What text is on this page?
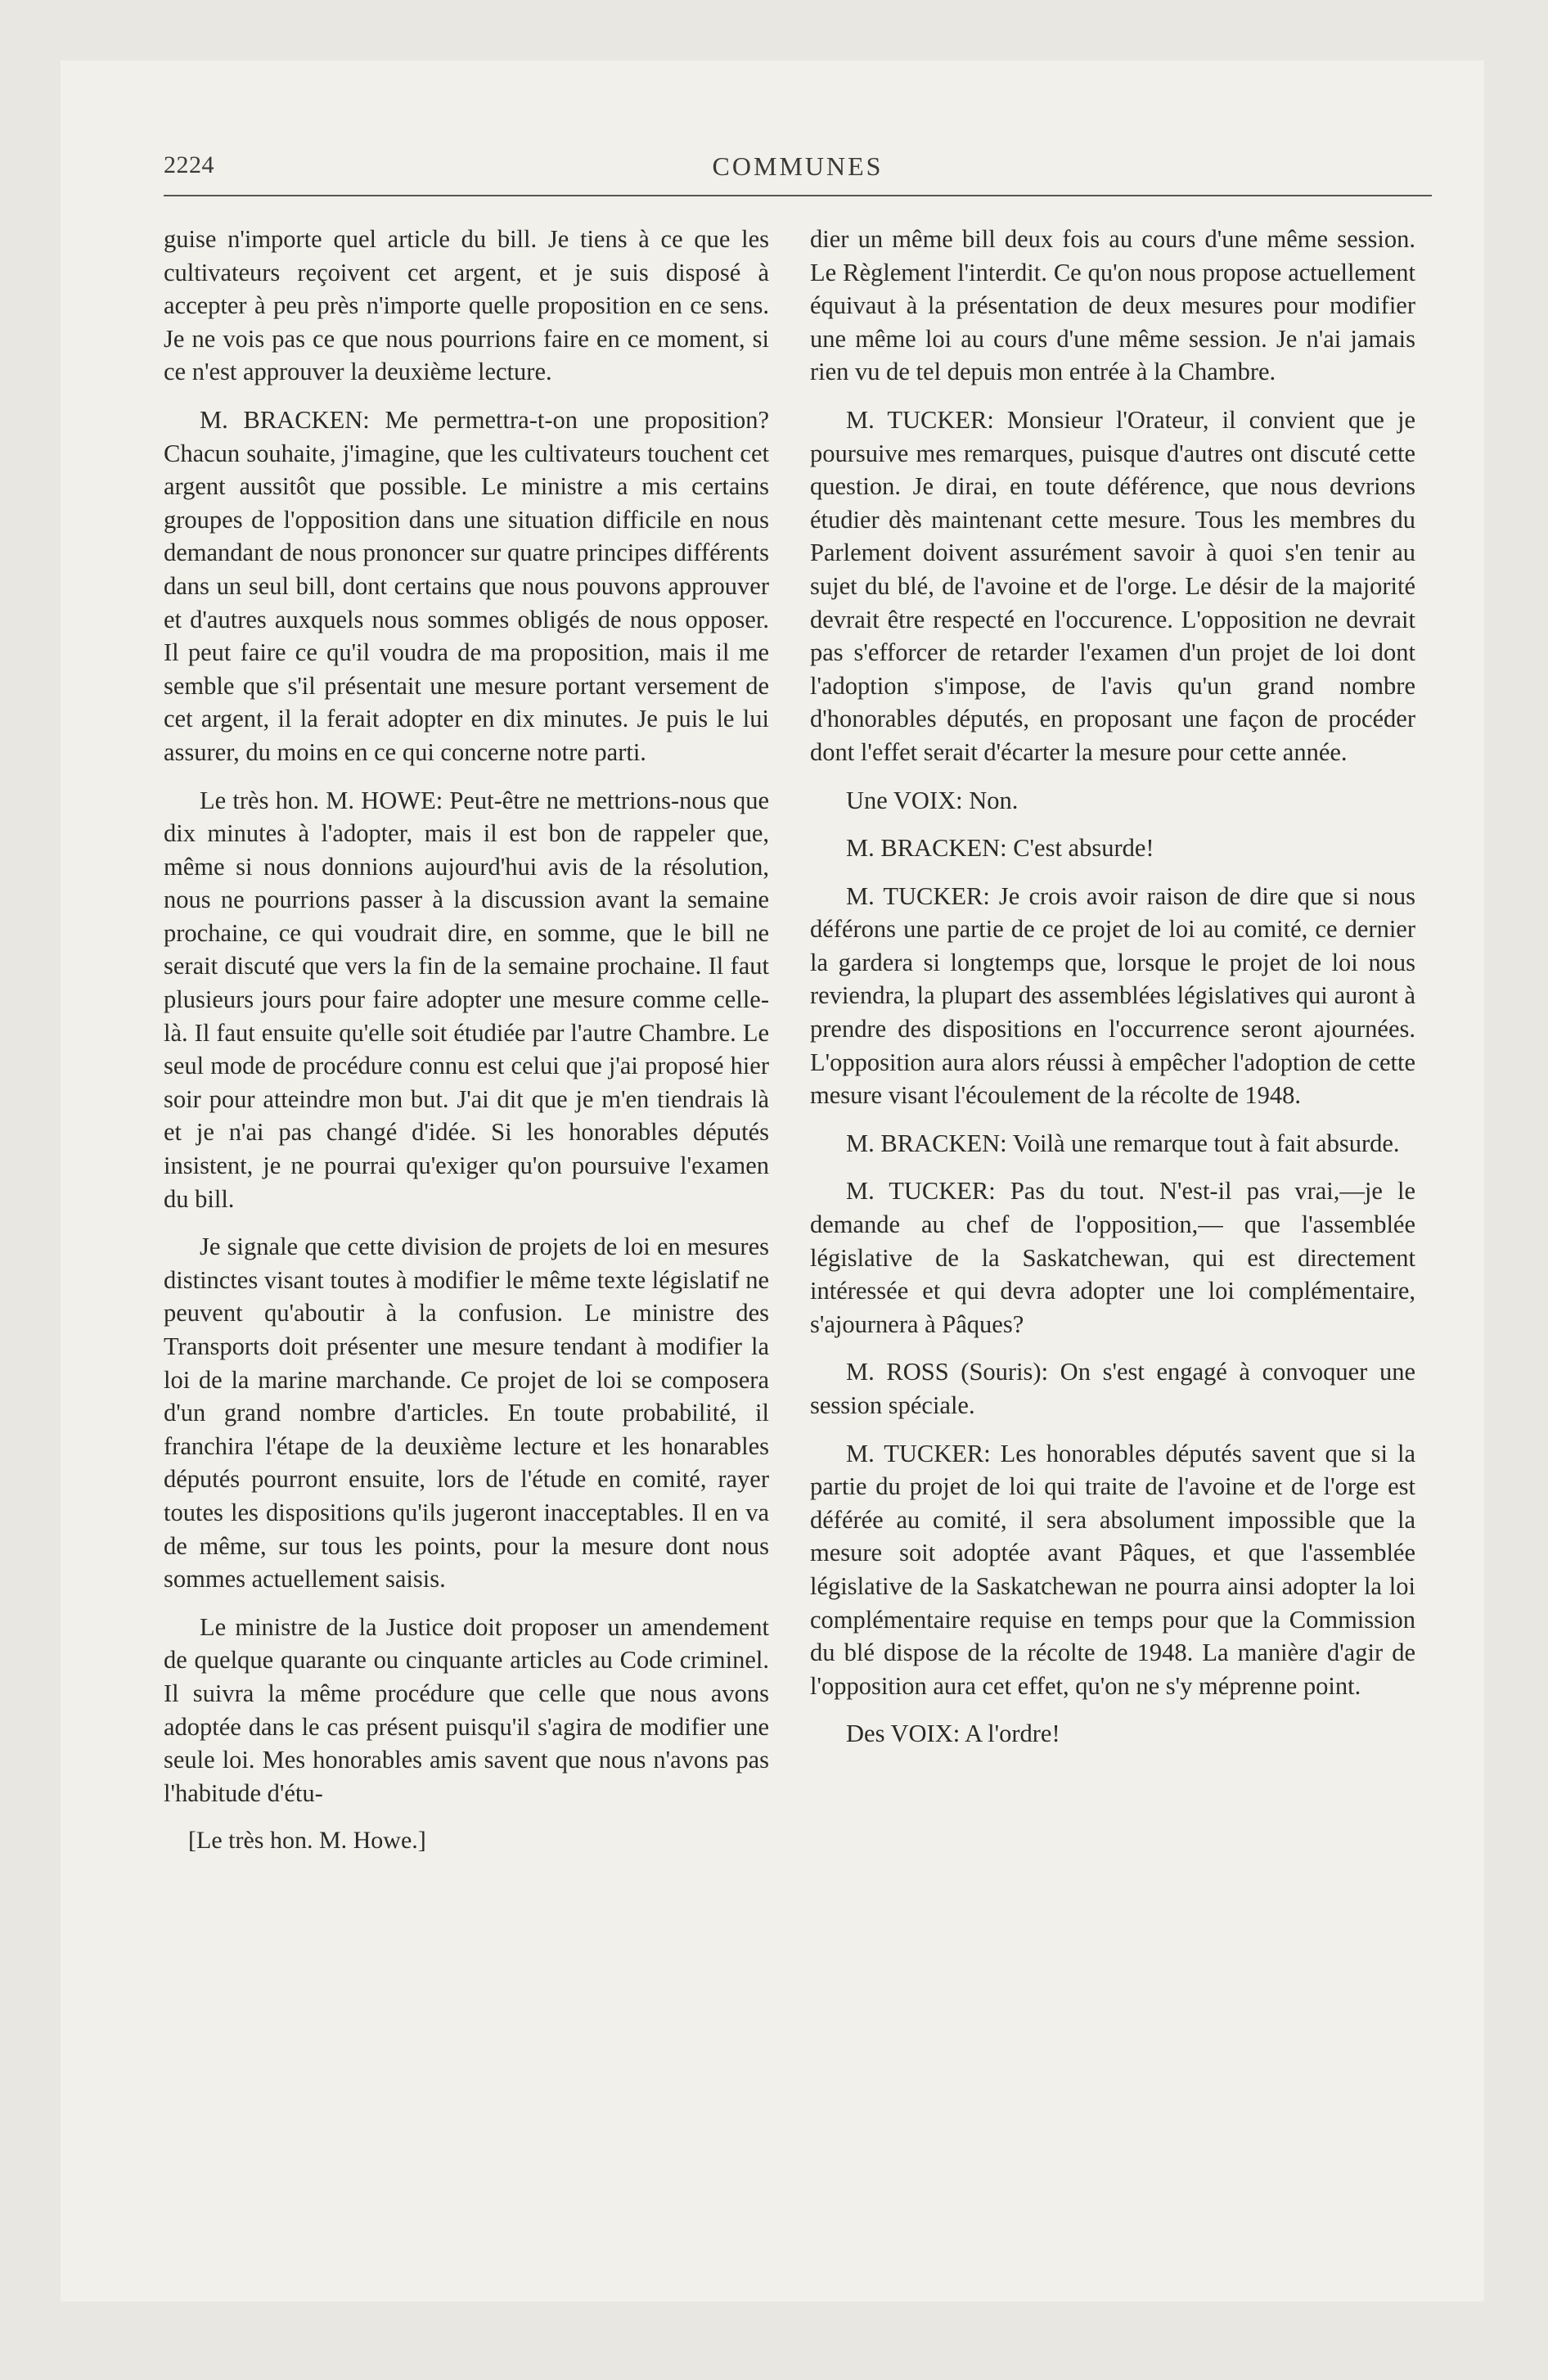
2224	COMMUNES

guise n'importe quel article du bill. Je tiens à ce que les cultivateurs reçoivent cet argent, et je suis disposé à accepter à peu près n'importe quelle proposition en ce sens. Je ne vois pas ce que nous pourrions faire en ce moment, si ce n'est approuver la deuxième lecture.

M. BRACKEN: Me permettra-t-on une proposition? Chacun souhaite, j'imagine, que les cultivateurs touchent cet argent aussitôt que possible. Le ministre a mis certains groupes de l'opposition dans une situation difficile en nous demandant de nous prononcer sur quatre principes différents dans un seul bill, dont certains que nous pouvons approuver et d'autres auxquels nous sommes obligés de nous opposer. Il peut faire ce qu'il voudra de ma proposition, mais il me semble que s'il présentait une mesure portant versement de cet argent, il la ferait adopter en dix minutes. Je puis le lui assurer, du moins en ce qui concerne notre parti.

Le très hon. M. HOWE: Peut-être ne mettrions-nous que dix minutes à l'adopter, mais il est bon de rappeler que, même si nous donnions aujourd'hui avis de la résolution, nous ne pourrions passer à la discussion avant la semaine prochaine, ce qui voudrait dire, en somme, que le bill ne serait discuté que vers la fin de la semaine prochaine. Il faut plusieurs jours pour faire adopter une mesure comme celle-là. Il faut ensuite qu'elle soit étudiée par l'autre Chambre. Le seul mode de procédure connu est celui que j'ai proposé hier soir pour atteindre mon but. J'ai dit que je m'en tiendrais là et je n'ai pas changé d'idée. Si les honorables députés insistent, je ne pourrai qu'exiger qu'on poursuive l'examen du bill.

Je signale que cette division de projets de loi en mesures distinctes visant toutes à modifier le même texte législatif ne peuvent qu'aboutir à la confusion. Le ministre des Transports doit présenter une mesure tendant à modifier la loi de la marine marchande. Ce projet de loi se composera d'un grand nombre d'articles. En toute probabilité, il franchira l'étape de la deuxième lecture et les honarables députés pourront ensuite, lors de l'étude en comité, rayer toutes les dispositions qu'ils jugeront inacceptables. Il en va de même, sur tous les points, pour la mesure dont nous sommes actuellement saisis.

Le ministre de la Justice doit proposer un amendement de quelque quarante ou cinquante articles au Code criminel. Il suivra la même procédure que celle que nous avons adoptée dans le cas présent puisqu'il s'agira de modifier une seule loi. Mes honorables amis savent que nous n'avons pas l'habitude d'étu-

[Le très hon. M. Howe.]

dier un même bill deux fois au cours d'une même session. Le Règlement l'interdit. Ce qu'on nous propose actuellement équivaut à la présentation de deux mesures pour modifier une même loi au cours d'une même session. Je n'ai jamais rien vu de tel depuis mon entrée à la Chambre.

M. TUCKER: Monsieur l'Orateur, il convient que je poursuive mes remarques, puisque d'autres ont discuté cette question. Je dirai, en toute déférence, que nous devrions étudier dès maintenant cette mesure. Tous les membres du Parlement doivent assurément savoir à quoi s'en tenir au sujet du blé, de l'avoine et de l'orge. Le désir de la majorité devrait être respecté en l'occurence. L'opposition ne devrait pas s'efforcer de retarder l'examen d'un projet de loi dont l'adoption s'impose, de l'avis qu'un grand nombre d'honorables députés, en proposant une façon de procéder dont l'effet serait d'écarter la mesure pour cette année.

Une VOIX: Non.

M. BRACKEN: C'est absurde!

M. TUCKER: Je crois avoir raison de dire que si nous déférons une partie de ce projet de loi au comité, ce dernier la gardera si longtemps que, lorsque le projet de loi nous reviendra, la plupart des assemblées législatives qui auront à prendre des dispositions en l'occurrence seront ajournées. L'opposition aura alors réussi à empêcher l'adoption de cette mesure visant l'écoulement de la récolte de 1948.

M. BRACKEN: Voilà une remarque tout à fait absurde.

M. TUCKER: Pas du tout. N'est-il pas vrai,—je le demande au chef de l'opposition,— que l'assemblée législative de la Saskatchewan, qui est directement intéressée et qui devra adopter une loi complémentaire, s'ajournera à Pâques?

M. ROSS (Souris): On s'est engagé à convoquer une session spéciale.

M. TUCKER: Les honorables députés savent que si la partie du projet de loi qui traite de l'avoine et de l'orge est déférée au comité, il sera absolument impossible que la mesure soit adoptée avant Pâques, et que l'assemblée législative de la Saskatchewan ne pourra ainsi adopter la loi complémentaire requise en temps pour que la Commission du blé dispose de la récolte de 1948. La manière d'agir de l'opposition aura cet effet, qu'on ne s'y méprenne point.

Des VOIX: A l'ordre!
